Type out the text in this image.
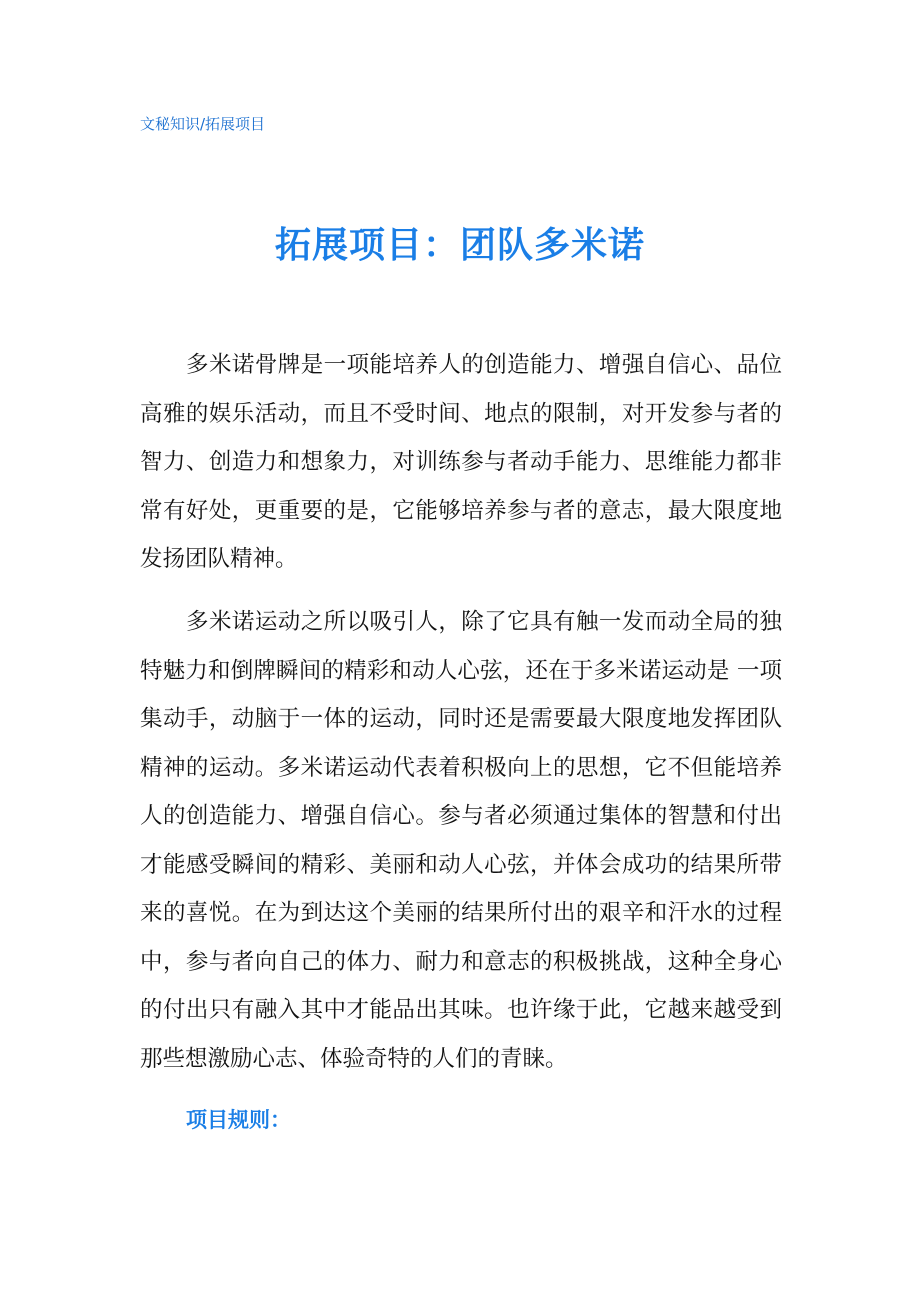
文秘知识/拓展项目
拓展项目：团队多米诺

多米诺骨牌是一项能培养人的创造能力、增强自信心、品位高雅的娱乐活动，而且不受时间、地点的限制，对开发参与者的智力、创造力和想象力，对训练参与者动手能力、思维能力都非常有好处，更重要的是，它能够培养参与者的意志，最大限度地发扬团队精神。

多米诺运动之所以吸引人，除了它具有触一发而动全局的独特魅力和倒牌瞬间的精彩和动人心弦，还在于多米诺运动是 一项集动手，动脑于一体的运动，同时还是需要最大限度地发挥团队精神的运动。多米诺运动代表着积极向上的思想，它不但能培养人的创造能力、增强自信心。参与者必须通过集体的智慧和付出才能感受瞬间的精彩、美丽和动人心弦，并体会成功的结果所带来的喜悦。在为到达这个美丽的结果所付出的艰辛和汗水的过程中，参与者向自己的体力、耐力和意志的积极挑战，这种全身心的付出只有融入其中才能品出其味。也许缘于此，它越来越受到那些想激励心志、体验奇特的人们的青睐。

项目规则：
